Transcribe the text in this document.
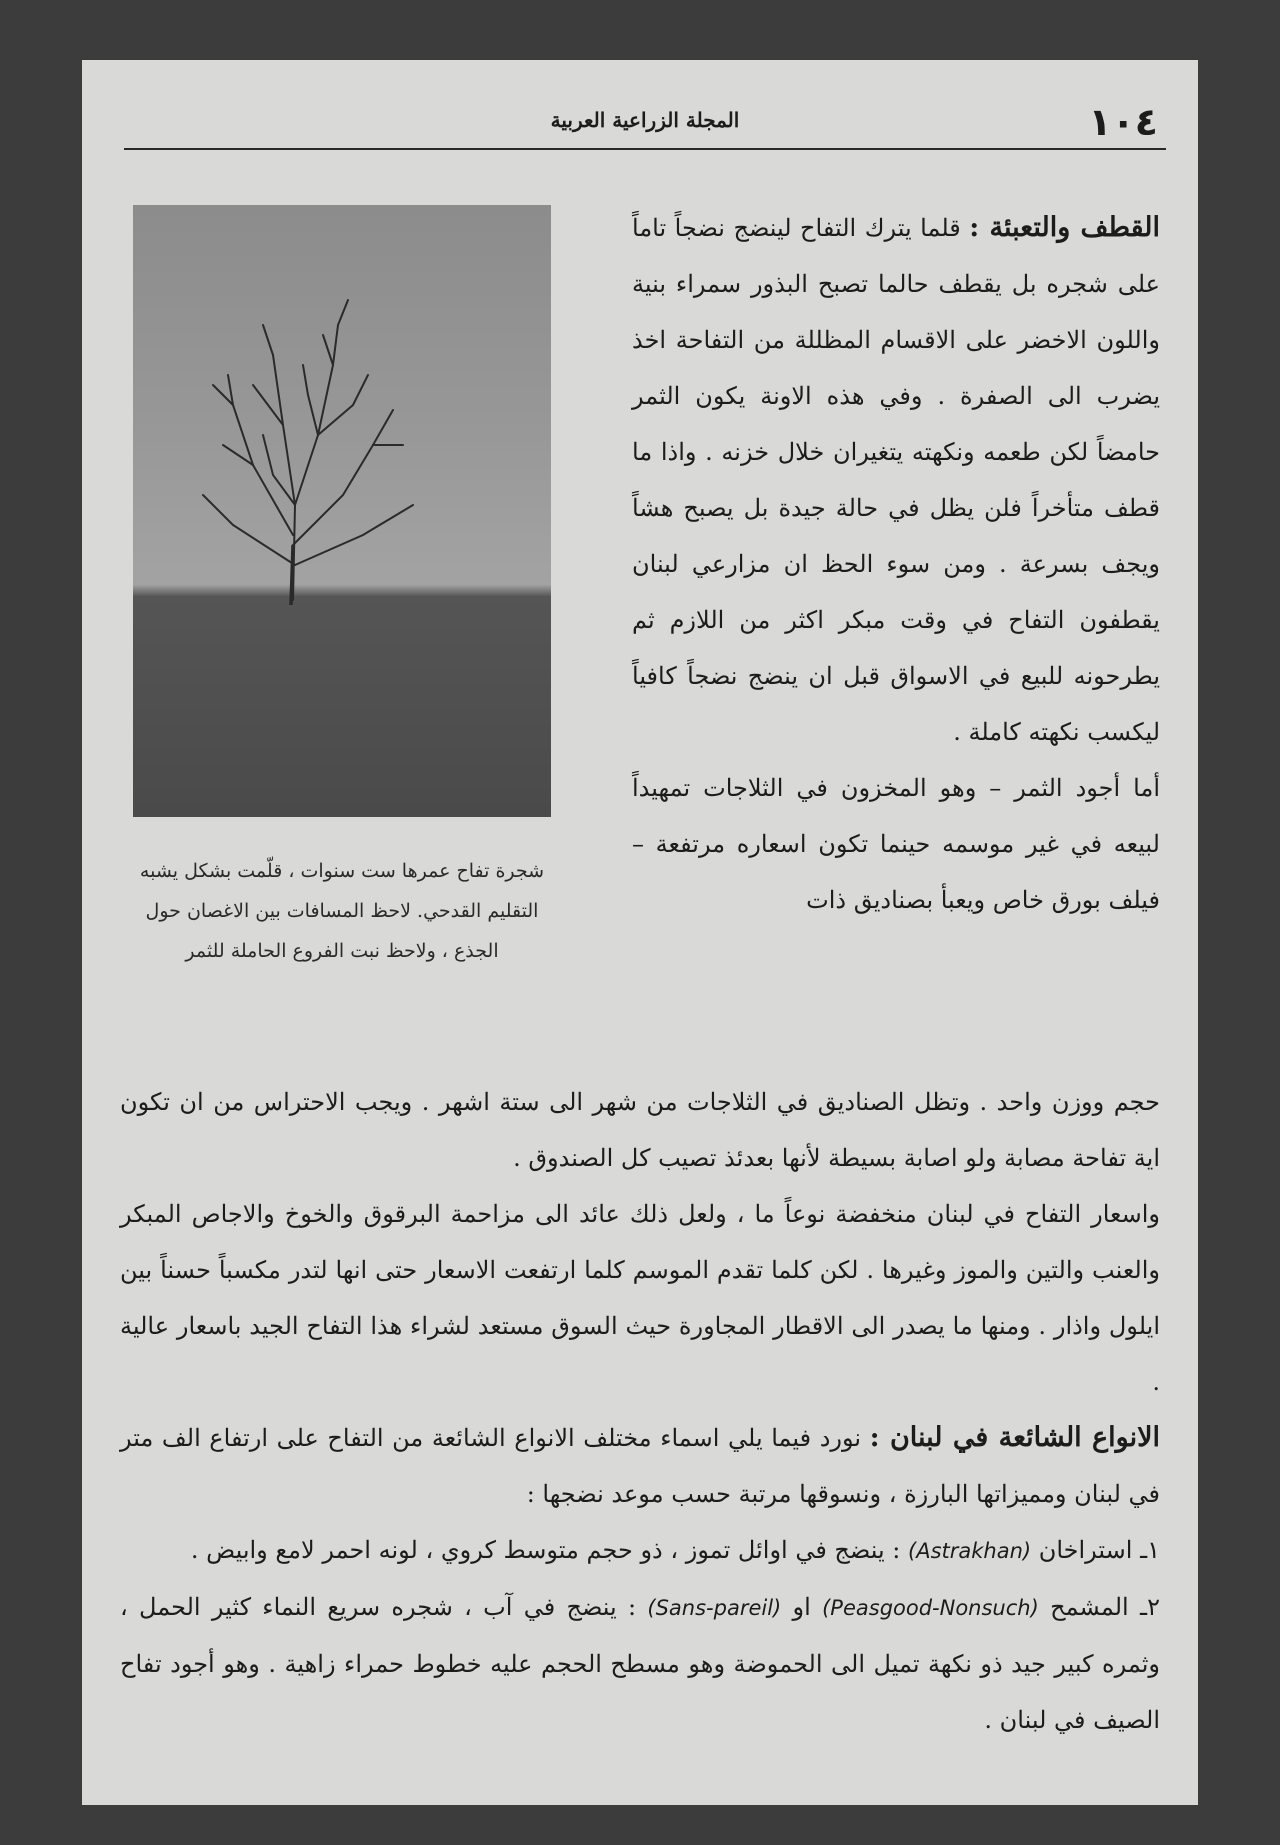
١٠٤
المجلة الزراعية العربية
شجرة تفاح عمرها ست سنوات ، قلّمت بشكل يشبه
التقليم القدحي. لاحظ المسافات بين الاغصان حول
الجذع ، ولاحظ نبت الفروع الحاملة للثمر

القطف والتعبئة : قلما يترك التفاح لينضج نضجاً تاماً على شجره بل يقطف حالما تصبح البذور سمراء بنية واللون الاخضر على الاقسام المظللة من التفاحة اخذ يضرب الى الصفرة . وفي هذه الاونة يكون الثمر حامضاً لكن طعمه ونكهته يتغيران خلال خزنه . واذا ما قطف متأخراً فلن يظل في حالة جيدة بل يصبح هشاً ويجف بسرعة . ومن سوء الحظ ان مزارعي لبنان يقطفون التفاح في وقت مبكر اكثر من اللازم ثم يطرحونه للبيع في الاسواق قبل ان ينضج نضجاً كافياً ليكسب نكهته كاملة .

أما أجود الثمر – وهو المخزون في الثلاجات تمهيداً لبيعه في غير موسمه حينما تكون اسعاره مرتفعة – فيلف بورق خاص ويعبأ بصناديق ذات

حجم ووزن واحد . وتظل الصناديق في الثلاجات من شهر الى ستة اشهر . ويجب الاحتراس من ان تكون اية تفاحة مصابة ولو اصابة بسيطة لأنها بعدئذ تصيب كل الصندوق .

واسعار التفاح في لبنان منخفضة نوعاً ما ، ولعل ذلك عائد الى مزاحمة البرقوق والخوخ والاجاص المبكر والعنب والتين والموز وغيرها . لكن كلما تقدم الموسم كلما ارتفعت الاسعار حتى انها لتدر مكسباً حسناً بين ايلول واذار . ومنها ما يصدر الى الاقطار المجاورة حيث السوق مستعد لشراء هذا التفاح الجيد باسعار عالية .

الانواع الشائعة في لبنان : نورد فيما يلي اسماء مختلف الانواع الشائعة من التفاح على ارتفاع الف متر في لبنان ومميزاتها البارزة ، ونسوقها مرتبة حسب موعد نضجها :

١ـ استراخان (Astrakhan) : ينضج في اوائل تموز ، ذو حجم متوسط كروي ، لونه احمر لامع وابيض .

٢ـ المشمح (Peasgood-Nonsuch) او (Sans-pareil) : ينضج في آب ، شجره سريع النماء كثير الحمل ، وثمره كبير جيد ذو نكهة تميل الى الحموضة وهو مسطح الحجم عليه خطوط حمراء زاهية . وهو أجود تفاح الصيف في لبنان .
